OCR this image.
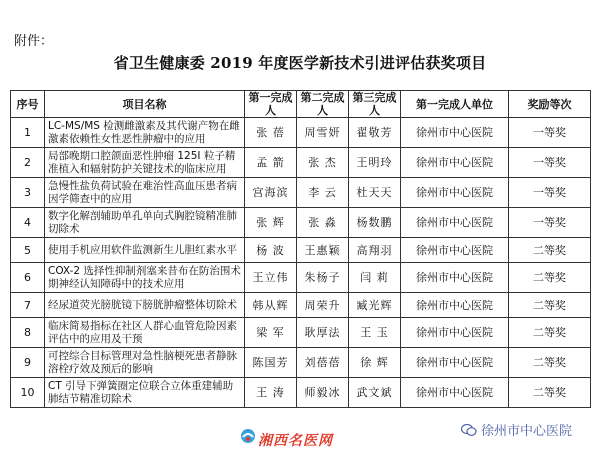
附件：
省卫生健康委 2019 年度医学新技术引进评估获奖项目
序号	项目名称	第一完成人	第二完成人	第三完成人	第一完成人单位	奖励等次
1	LC-MS/MS 检测雌激素及其代谢产物在雌激素依赖性女性恶性肿瘤中的应用	张 蓓	周雪妍	翟敬芳	徐州市中心医院	一等奖
2	局部晚期口腔颌面恶性肿瘤 125I 粒子精准植入和辐射防护关键技术的临床应用	孟 箭	张 杰	王明玲	徐州市中心医院	一等奖
3	急慢性盐负荷试验在难治性高血压患者病因学筛查中的应用	宫海滨	李 云	杜天天	徐州市中心医院	一等奖
4	数字化解剖辅助单孔单向式胸腔镜精准肺切除术	张 辉	张 淼	杨数鹏	徐州市中心医院	一等奖
5	使用手机应用软件监测新生儿胆红素水平	杨 波	王惠颖	高翔羽	徐州市中心医院	二等奖
6	COX-2 选择性抑制剂塞来昔布在防治围术期神经认知障碍中的技术应用	王立伟	朱杨子	闫 莉	徐州市中心医院	二等奖
7	经尿道荧光膀胱镜下膀胱肿瘤整体切除术	韩从辉	周荣升	臧光辉	徐州市中心医院	二等奖
8	临床简易指标在社区人群心血管危险因素评估中的应用及干预	梁 军	耿厚法	王 玉	徐州市中心医院	二等奖
9	可控综合目标管理对急性脑梗死患者静脉溶栓疗效及预后的影响	陈国芳	刘蓓蓓	徐 辉	徐州市中心医院	二等奖
10	CT 引导下弹簧圈定位联合立体重建辅助肺结节精准切除术	王 涛	师毅冰	武文斌	徐州市中心医院	二等奖
湘西名医网
徐州市中心医院
